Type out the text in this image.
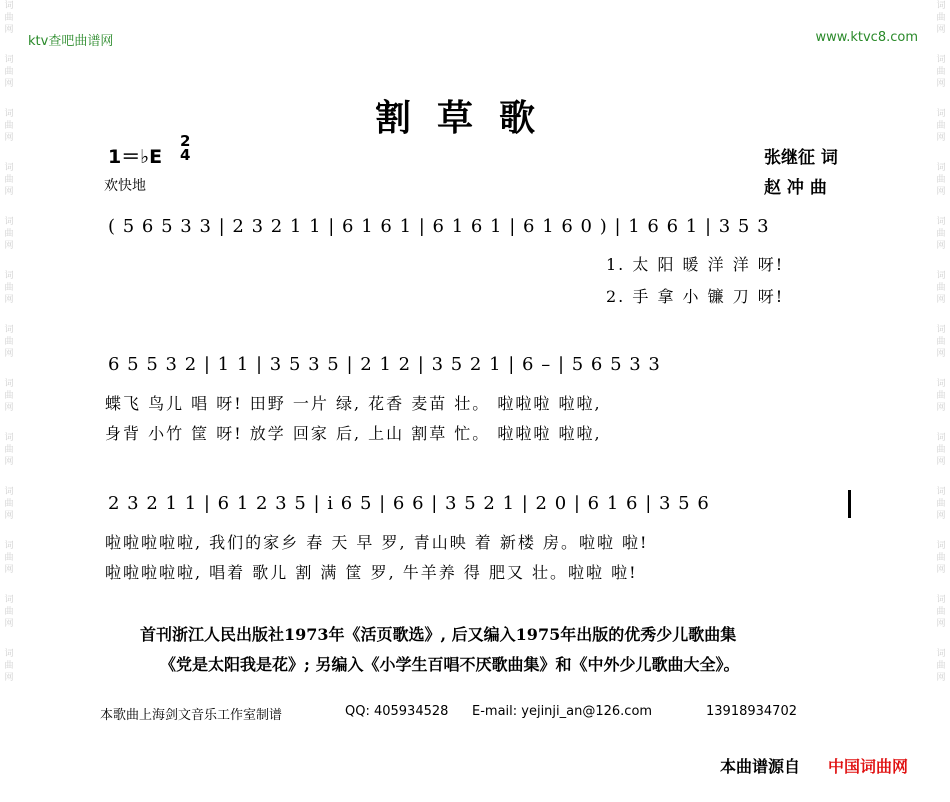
词曲网
词曲网
词曲网
词曲网
词曲网
词曲网
词曲网
词曲网
词曲网
词曲网
词曲网
词曲网
词曲网
词曲网
词曲网
词曲网
词曲网
词曲网
词曲网
词曲网
词曲网
词曲网
词曲网
词曲网
词曲网
词曲网
ktv查吧曲谱网	www.ktvc8.com
割草歌
1＝♭E
2
4
欢快地
张继征 词
赵 冲 曲
( 5 6 5 3 3 | 2 3 2 1 1 | 6 1 6 1 | 6 1 6 1 | 6 1 6 0 ) | 1 6 6 1 | 3 5 3
1. 太 阳 暖 洋 洋 呀!
2. 手 拿 小 镰 刀 呀!
6 5 5 3 2 | 1 1 | 3 5 3 5 | 2 1 2 | 3 5 2 1 | 6 – | 5 6 5 3 3
蝶飞 鸟儿 唱 呀! 田野 一片 绿, 花香 麦苗 壮。 啦啦啦 啦啦,
身背 小竹 筐 呀! 放学 回家 后, 上山 割草 忙。 啦啦啦 啦啦,
2 3 2 1 1 | 6 1 2 3 5 | i 6 5 | 6 6 | 3 5 2 1 | 2 0 | 6 1 6 | 3 5 6
啦啦啦啦啦, 我们的家乡 春 天 早 罗, 青山映 着 新楼 房。啦啦 啦!
啦啦啦啦啦, 唱着 歌儿 割 满 筐 罗, 牛羊养 得 肥又 壮。啦啦 啦!
首刊浙江人民出版社1973年《活页歌选》, 后又编入1975年出版的优秀少儿歌曲集
《党是太阳我是花》; 另编入《小学生百唱不厌歌曲集》和《中外少儿歌曲大全》。
本歌曲上海剑文音乐工作室制谱	QQ: 405934528 E-mail: yejinji_an@126.com	13918934702
本曲谱源自 中国词曲网
